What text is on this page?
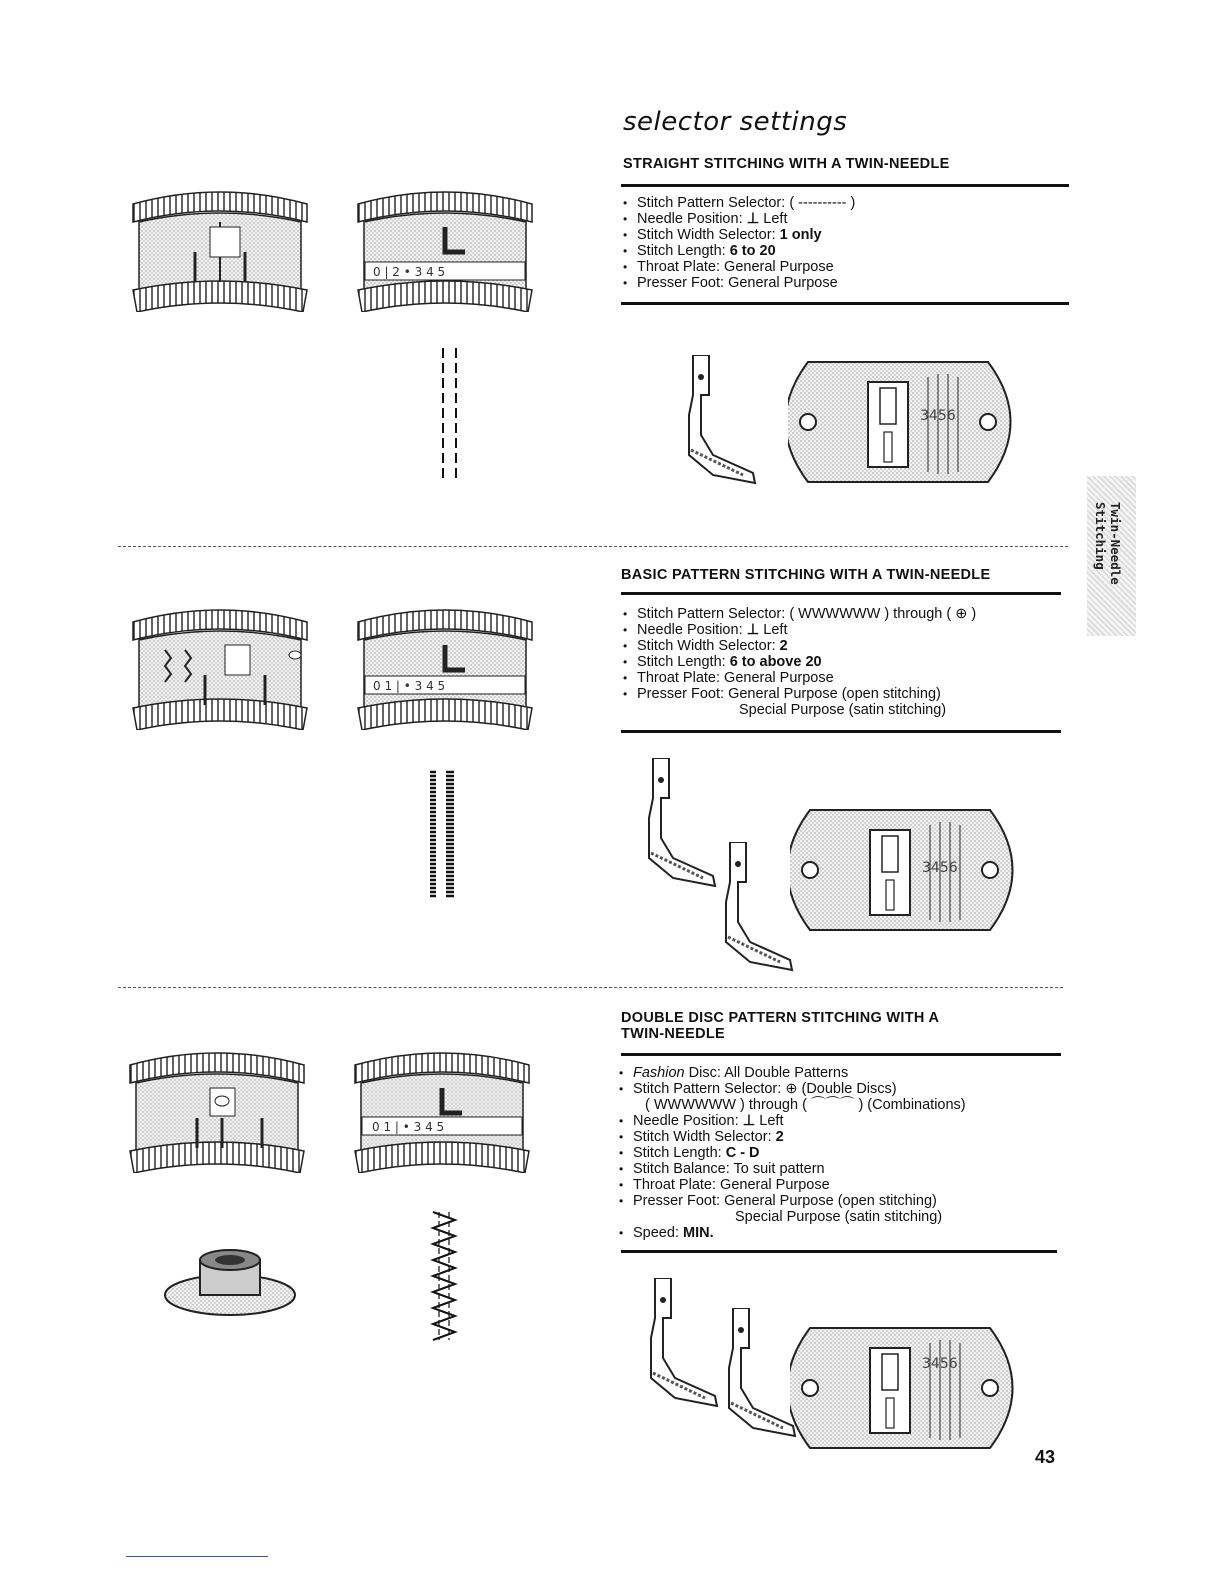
selector settings
STRAIGHT STITCHING WITH A TWIN-NEEDLE
• Stitch Pattern Selector: ( ---------- )
• Needle Position: ⊥ Left
• Stitch Width Selector: 1 only
• Stitch Length: 6 to 20
• Throat Plate: General Purpose
• Presser Foot: General Purpose
0 | 2 • 3 4 5
3456
Twin-Needle
Stitching
BASIC PATTERN STITCHING WITH A TWIN-NEEDLE
• Stitch Pattern Selector: ( WWWWWW ) through ( ⊕ )
• Needle Position: ⊥ Left
• Stitch Width Selector: 2
• Stitch Length: 6 to above 20
• Throat Plate: General Purpose
• Presser Foot: General Purpose (open stitching)
Special Purpose (satin stitching)
0 1 | • 3 4 5
3456
DOUBLE DISC PATTERN STITCHING WITH A
TWIN-NEEDLE
• Fashion Disc: All Double Patterns
• Stitch Pattern Selector: ⊕ (Double Discs)
( WWWWWW ) through ( ⌒⌒⌒ ) (Combinations)
• Needle Position: ⊥ Left
• Stitch Width Selector: 2
• Stitch Length: C - D
• Stitch Balance: To suit pattern
• Throat Plate: General Purpose
• Presser Foot: General Purpose (open stitching)
Special Purpose (satin stitching)
• Speed: MIN.
0 1 | • 3 4 5
3456
43
